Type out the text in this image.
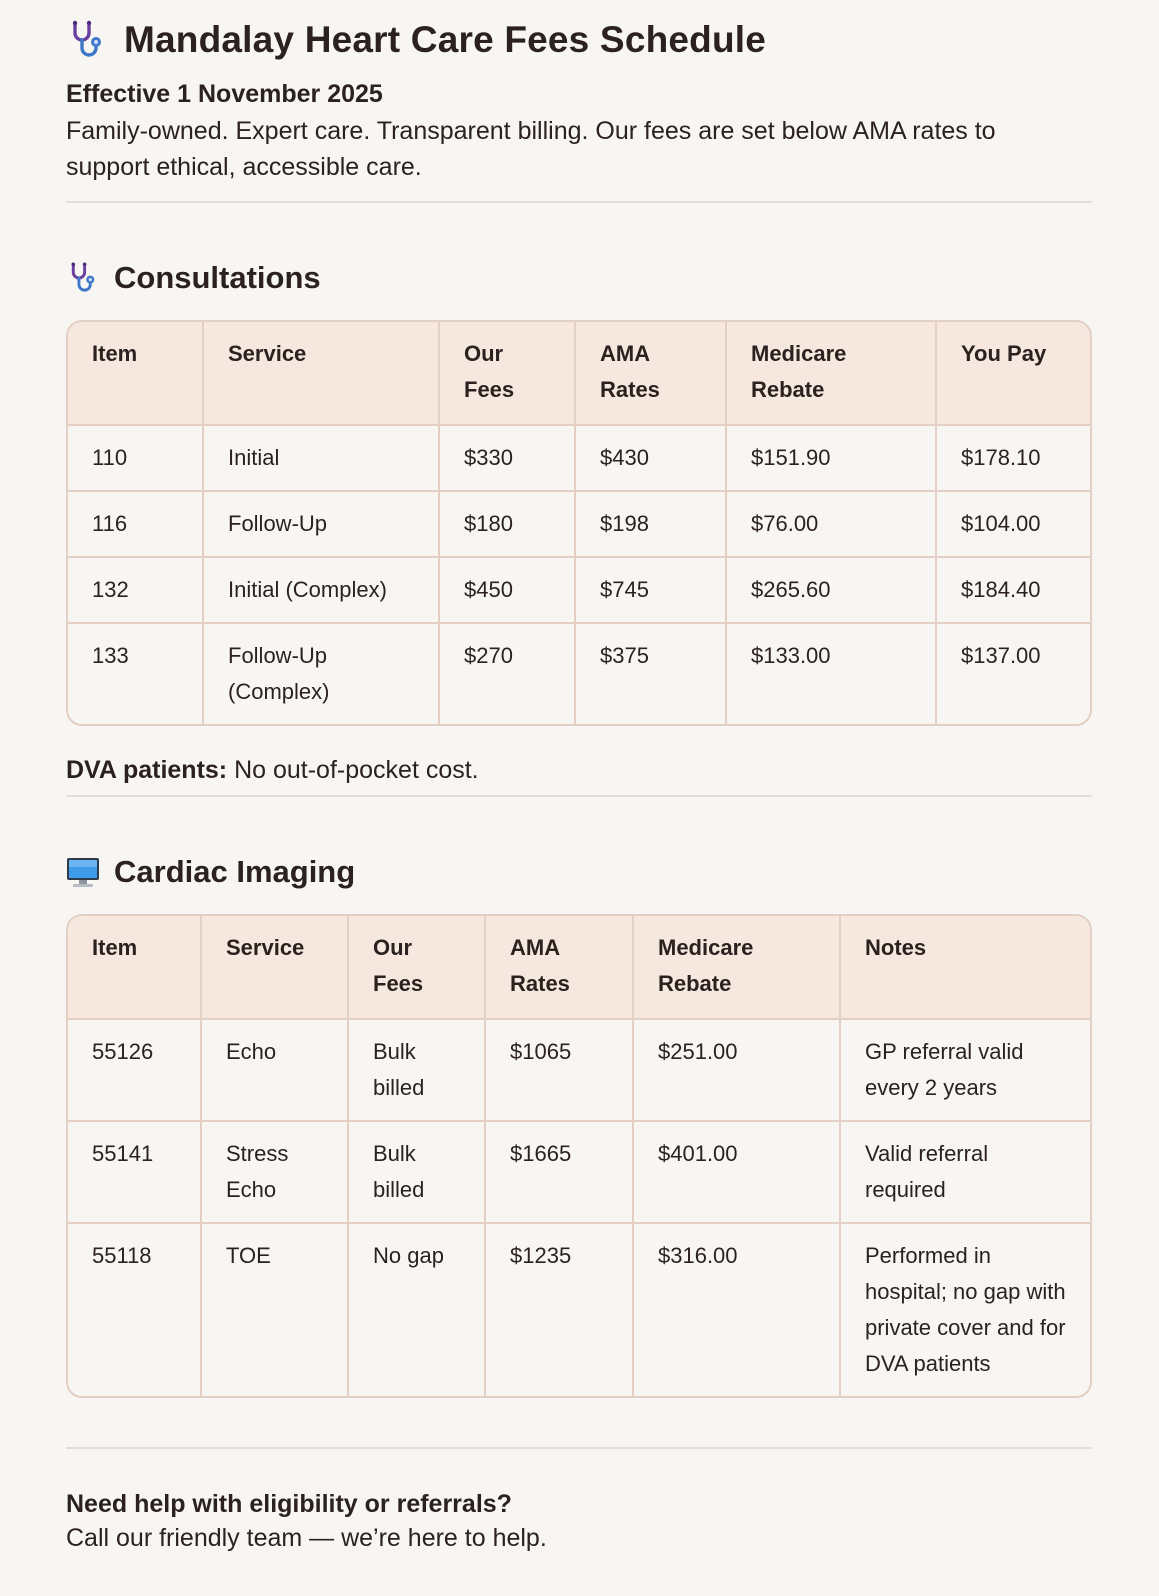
Mandalay Heart Care Fees Schedule
Effective 1 November 2025
Family-owned. Expert care. Transparent billing. Our fees are set below AMA rates to support ethical, accessible care.
Consultations
Item	Service	Our Fees	AMA Rates	Medicare Rebate	You Pay
110	Initial	$330	$430	$151.90	$178.10
116	Follow-Up	$180	$198	$76.00	$104.00
132	Initial (Complex)	$450	$745	$265.60	$184.40
133	Follow-Up (Complex)	$270	$375	$133.00	$137.00
DVA patients: No out-of-pocket cost.
Cardiac Imaging
Item	Service	Our Fees	AMA Rates	Medicare Rebate	Notes
55126	Echo	Bulk billed	$1065	$251.00	GP referral valid every 2 years
55141	Stress Echo	Bulk billed	$1665	$401.00	Valid referral required
55118	TOE	No gap	$1235	$316.00	Performed in hospital; no gap with private cover and for DVA patients
Need help with eligibility or referrals?
Call our friendly team — we’re here to help.
